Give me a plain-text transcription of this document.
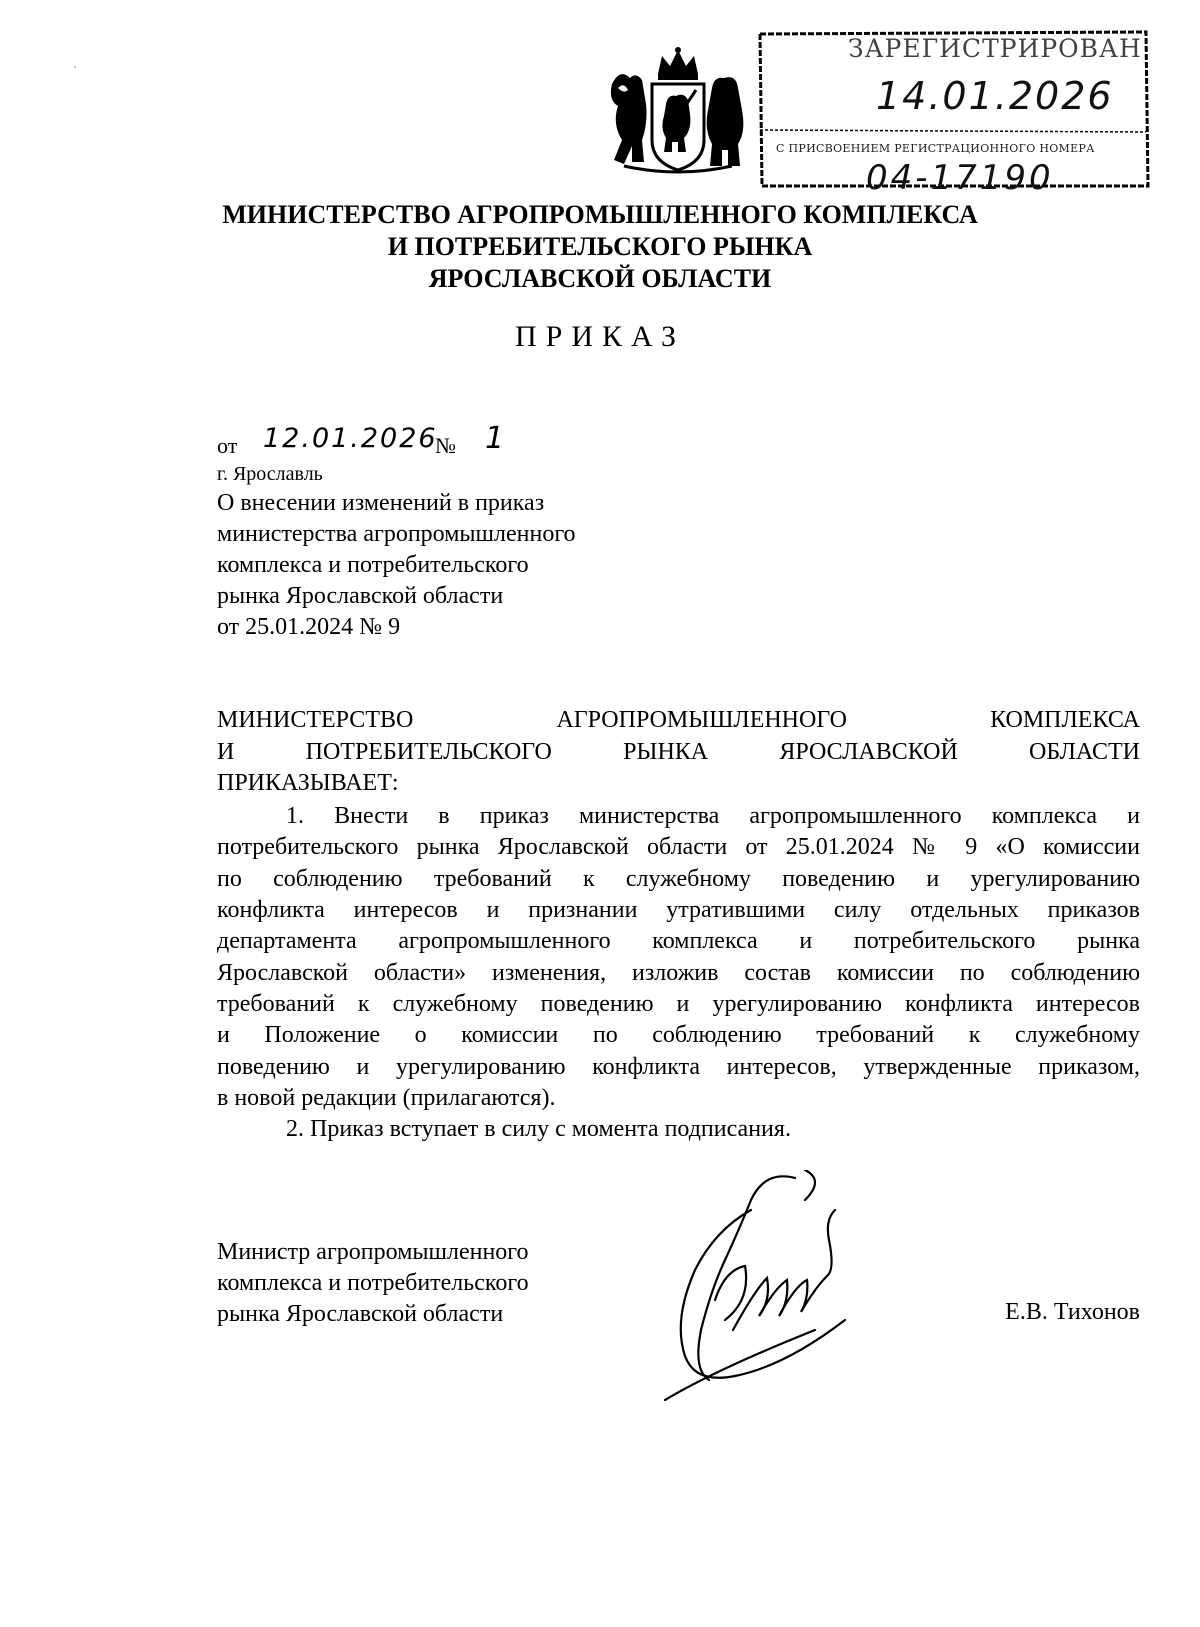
ЗАРЕГИСТРИРОВАН
14.01.2026
С ПРИСВОЕНИЕМ РЕГИСТРАЦИОННОГО НОМЕРА
04-17190
МИНИСТЕРСТВО АГРОПРОМЫШЛЕННОГО КОМПЛЕКСА
И ПОТРЕБИТЕЛЬСКОГО РЫНКА
ЯРОСЛАВСКОЙ ОБЛАСТИ
ПРИКАЗ
от 12.01.2026
№ 1
г. Ярославль
О внесении изменений в приказ
министерства агропромышленного
комплекса и потребительского
рынка Ярославской области
от 25.01.2024 № 9
МИНИСТЕРСТВО АГРОПРОМЫШЛЕННОГО КОМПЛЕКСА
И ПОТРЕБИТЕЛЬСКОГО РЫНКА ЯРОСЛАВСКОЙ ОБЛАСТИ
ПРИКАЗЫВАЕТ:
1. Внести в приказ министерства агропромышленного комплекса и
потребительского рынка Ярославской области от 25.01.2024 № 9 «О комиссии
по соблюдению требований к служебному поведению и урегулированию
конфликта интересов и признании утратившими силу отдельных приказов
департамента агропромышленного комплекса и потребительского рынка
Ярославской области» изменения, изложив состав комиссии по соблюдению
требований к служебному поведению и урегулированию конфликта интересов
и Положение о комиссии по соблюдению требований к служебному
поведению и урегулированию конфликта интересов, утвержденные приказом,
в новой редакции (прилагаются).
2. Приказ вступает в силу с момента подписания.
Министр агропромышленного
комплекса и потребительского
рынка Ярославской области	Е.В. Тихонов
